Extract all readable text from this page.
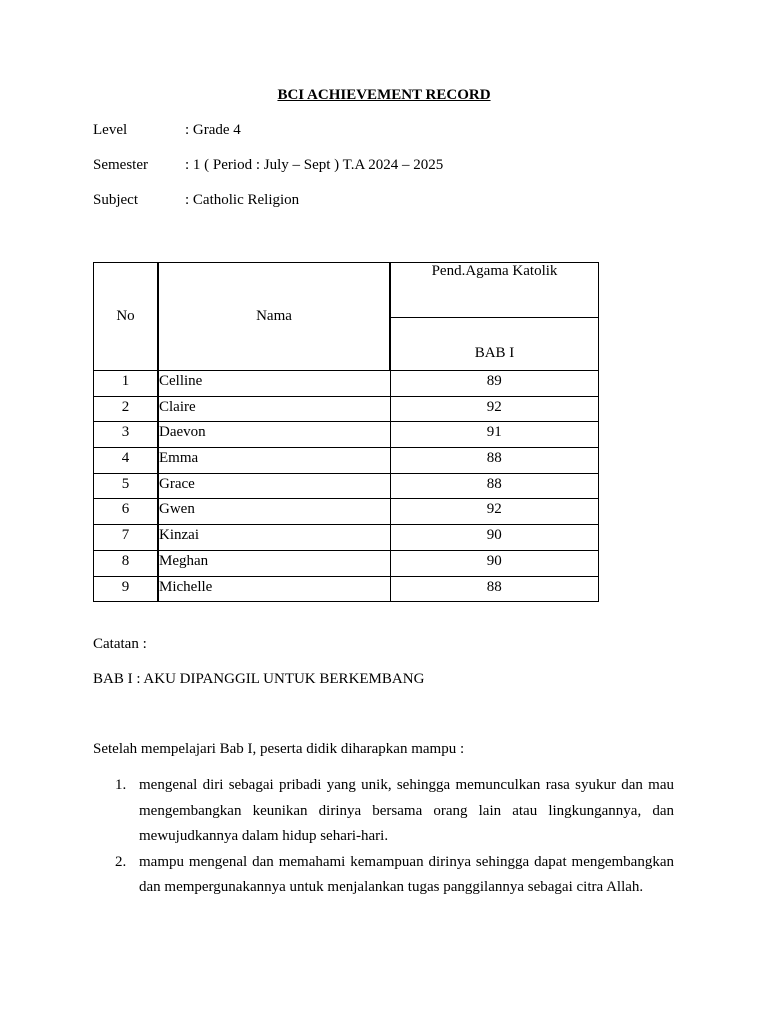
BCI ACHIEVEMENT RECORD
Level	: Grade 4
Semester : 1 ( Period : July – Sept ) T.A 2024 – 2025
Subject	: Catholic Religion
No	Nama	Pend.Agama Katolik

		BAB I

1	Celline	89
2	Claire	92
3	Daevon	91
4	Emma	88
5	Grace	88
6	Gwen	92
7	Kinzai	90
8	Meghan	90
9	Michelle	88
Catatan :
BAB I : AKU DIPANGGIL UNTUK BERKEMBANG
Setelah mempelajari Bab I, peserta didik diharapkan mampu :
1. mengenal diri sebagai pribadi yang unik, sehingga memunculkan rasa syukur dan mau mengembangkan keunikan dirinya bersama orang lain atau lingkungannya, dan mewujudkannya dalam hidup sehari-hari.
2. mampu mengenal dan memahami kemampuan dirinya sehingga dapat mengembangkan dan mempergunakannya untuk menjalankan tugas panggilannya sebagai citra Allah.
